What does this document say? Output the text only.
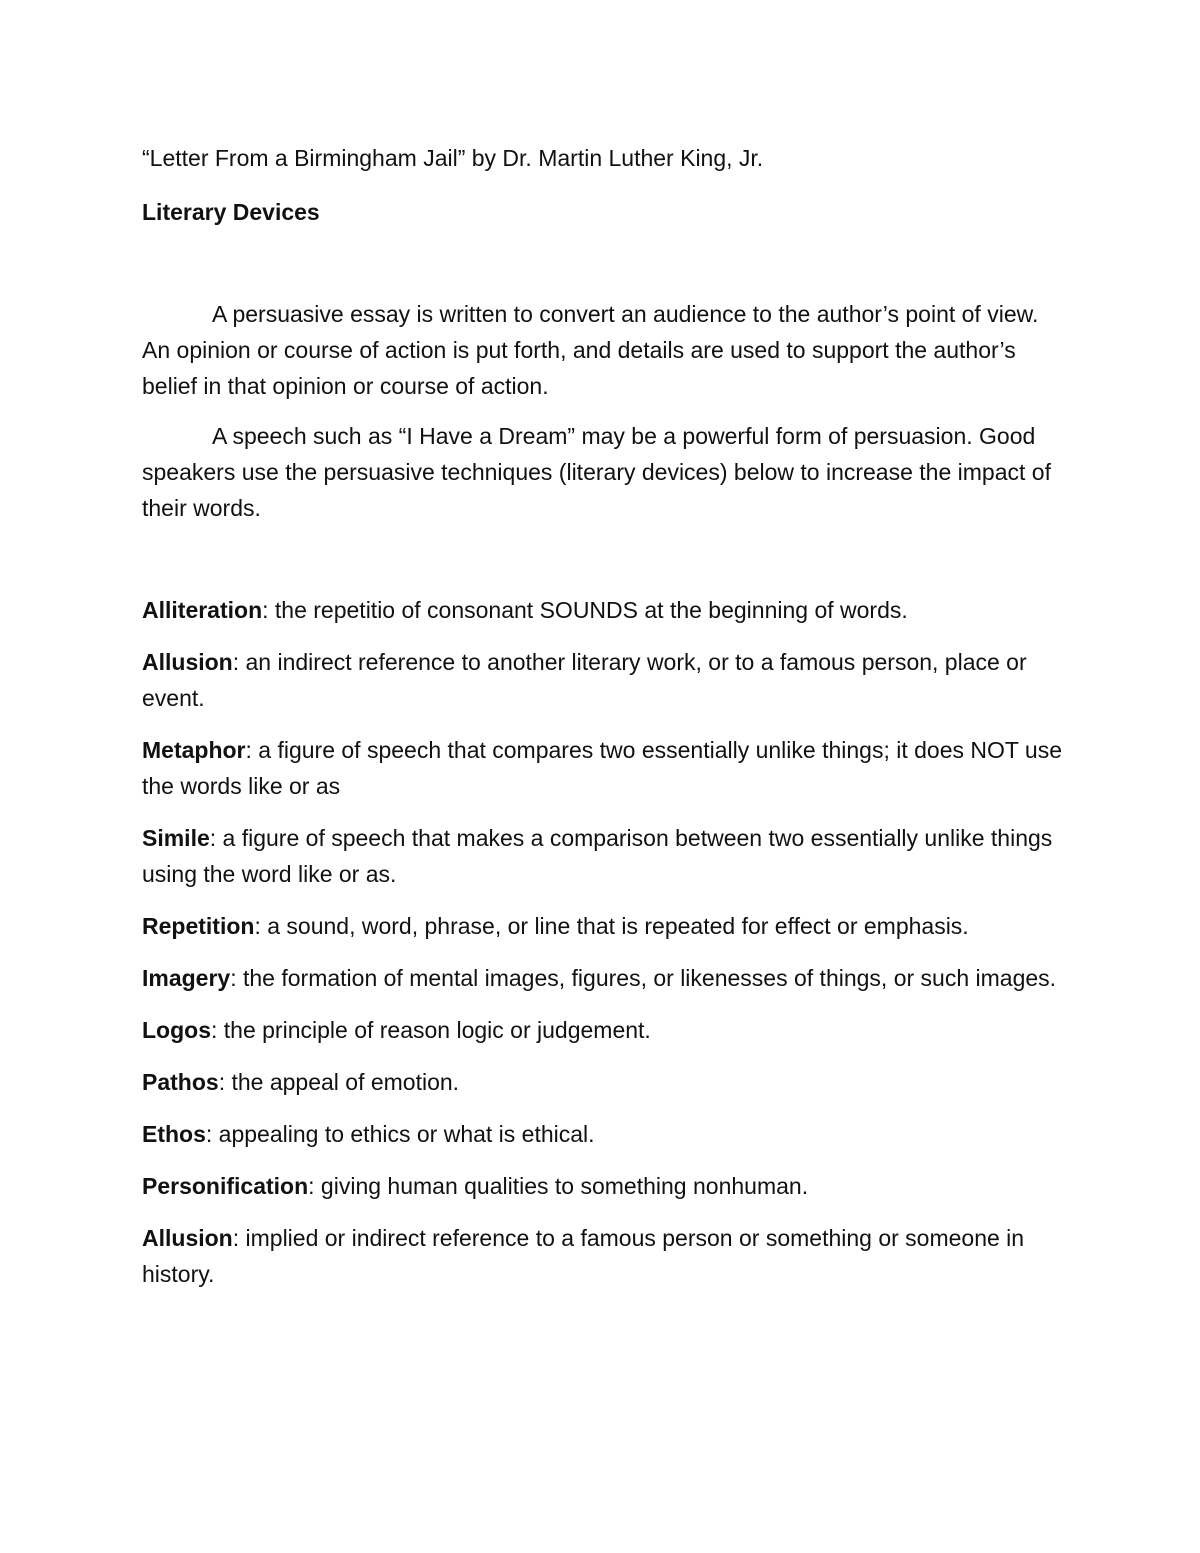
“Letter From a Birmingham Jail” by Dr. Martin Luther King, Jr.

Literary Devices

A persuasive essay is written to convert an audience to the author’s point of view. An opinion or course of action is put forth, and details are used to support the author’s belief in that opinion or course of action.

A speech such as “I Have a Dream” may be a powerful form of persuasion. Good speakers use the persuasive techniques (literary devices) below to increase the impact of their words.

Alliteration: the repetitio of consonant SOUNDS at the beginning of words.

Allusion: an indirect reference to another literary work, or to a famous person, place or event.

Metaphor: a figure of speech that compares two essentially unlike things; it does NOT use the words like or as

Simile: a figure of speech that makes a comparison between two essentially unlike things using the word like or as.

Repetition: a sound, word, phrase, or line that is repeated for effect or emphasis.

Imagery: the formation of mental images, figures, or likenesses of things, or such images.

Logos: the principle of reason logic or judgement.

Pathos: the appeal of emotion.

Ethos: appealing to ethics or what is ethical.

Personification: giving human qualities to something nonhuman.

Allusion: implied or indirect reference to a famous person or something or someone in history.
